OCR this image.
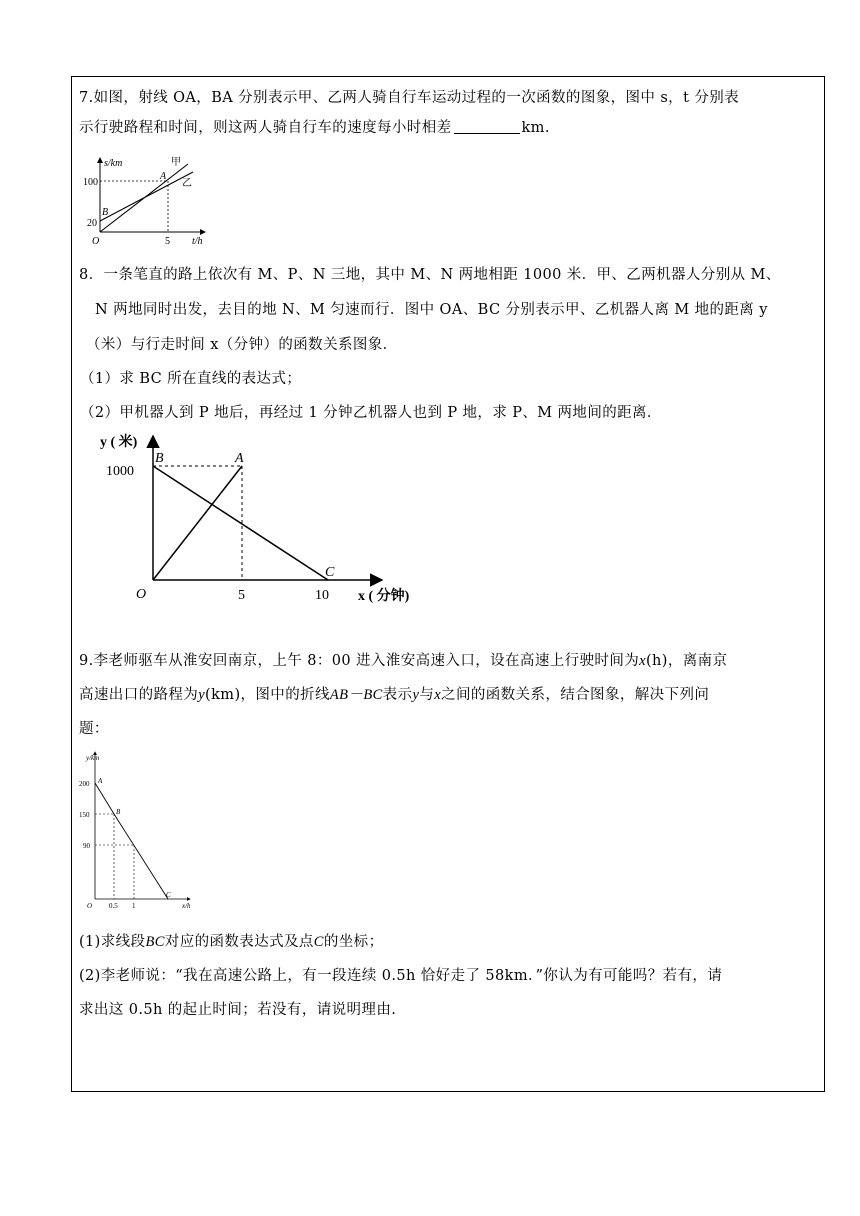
7.如图，射线 OA，BA 分别表示甲、乙两人骑自行车运动过程的一次函数的图象，图中 s，t 分别表
示行驶路程和时间，则这两人骑自行车的速度每小时相差	km.
s/km
100
20
B
A
甲
乙
O	5 t/h
8．一条笔直的路上依次有 M、P、N 三地，其中 M、N 两地相距 1000 米．甲、乙两机器人分别从 M、
N 两地同时出发，去目的地 N、M 匀速而行．图中 OA、BC 分别表示甲、乙机器人离 M 地的距离 y
（米）与行走时间 x（分钟）的函数关系图象．
（1）求 BC 所在直线的表达式；
（2）甲机器人到 P 地后，再经过 1 分钟乙机器人也到 P 地，求 P、M 两地间的距离．
y ( 米)
B	A
1000
C
O	5	10 x ( 分钟)
9.李老师驱车从淮安回南京，上午 8：00 进入淮安高速入口，设在高速上行驶时间为x(h)，离南京
高速出口的路程为y(km)，图中的折线AB－BC表示y与x之间的函数关系，结合图象，解决下列问
题：
y/km
200 A
150	B
90
C
O 0.5 1	x/h
(1)求线段BC对应的函数表达式及点C的坐标；
(2)李老师说：“我在高速公路上，有一段连续 0.5h 恰好走了 58km．”你认为有可能吗？若有，请
求出这 0.5h 的起止时间；若没有，请说明理由.
